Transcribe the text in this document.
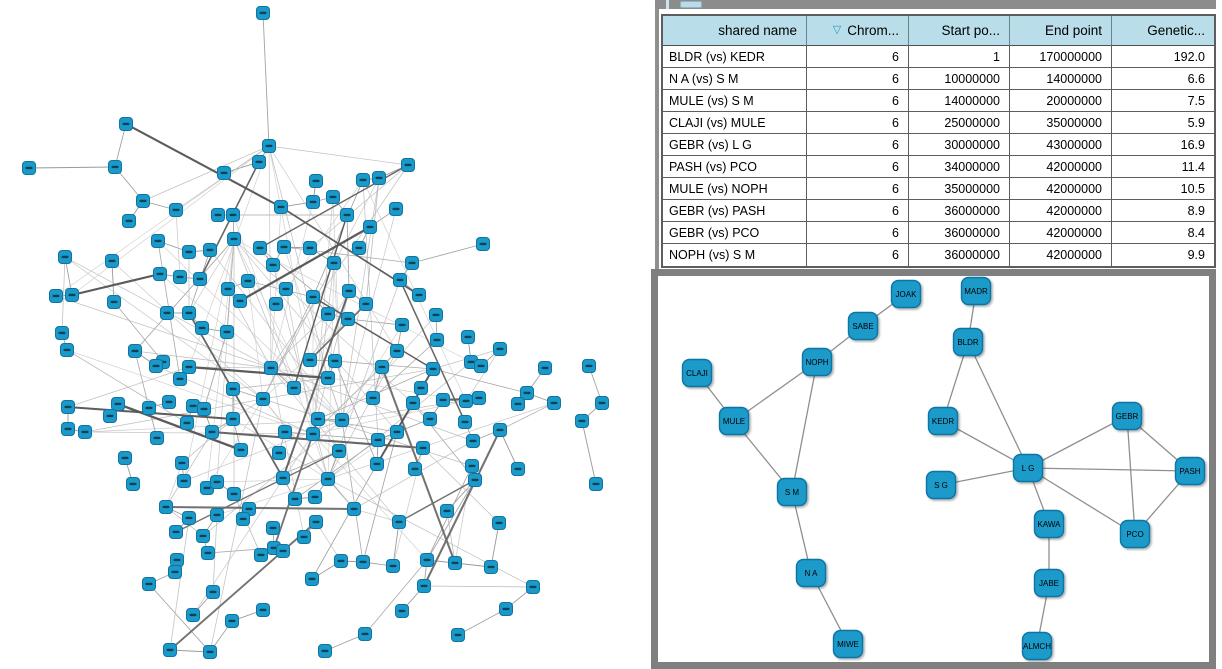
shared name	▽ Chrom...	Start po...	End point	Genetic...
BLDR (vs) KEDR	6	1	170000000	192.0
N A (vs) S M	6	10000000	14000000	6.6
MULE (vs) S M	6	14000000	20000000	7.5
CLAJI (vs) MULE	6	25000000	35000000	5.9
GEBR (vs) L G	6	30000000	43000000	16.9
PASH (vs) PCO	6	34000000	42000000	11.4
MULE (vs) NOPH	6	35000000	42000000	10.5
GEBR (vs) PASH	6	36000000	42000000	8.9
GEBR (vs) PCO	6	36000000	42000000	8.4
NOPH (vs) S M	6	36000000	42000000	9.9
JOAK	MADR
SABE
BLDR
NOPH
CLAJI
KEDR
GEBR
MULE
L G	PASH
S G
S M
KAWA
PCO
N A
JABE
MIWE	ALMCH
